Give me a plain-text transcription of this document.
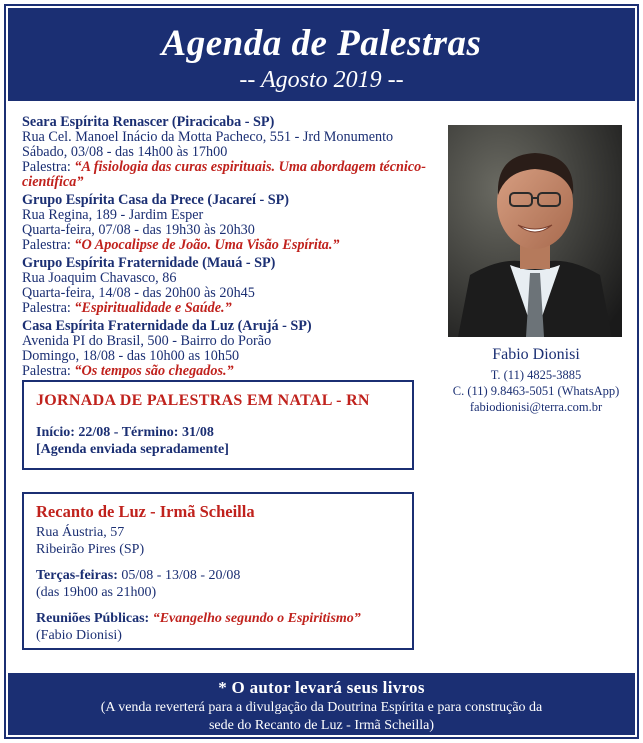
Agenda de Palestras
-- Agosto 2019 --
Seara Espírita Renascer (Piracicaba - SP)
Rua Cel. Manoel Inácio da Motta Pacheco, 551 - Jrd Monumento
Sábado, 03/08 - das 14h00 às 17h00
Palestra: “A fisiologia das curas espirituais. Uma abordagem técnico-científica”
Grupo Espírita Casa da Prece (Jacareí - SP)
Rua Regina, 189 - Jardim Esper
Quarta-feira, 07/08 - das 19h30 às 20h30
Palestra: “O Apocalipse de João. Uma Visão Espírita.”
Grupo Espírita Fraternidade (Mauá - SP)
Rua Joaquim Chavasco, 86
Quarta-feira, 14/08 - das 20h00 às 20h45
Palestra: “Espiritualidade e Saúde.”
Casa Espírita Fraternidade da Luz (Arujá - SP)
Avenida PI do Brasil, 500 - Bairro do Porão
Domingo, 18/08 - das 10h00 as 10h50
Palestra: “Os tempos são chegados.”
Fabio Dionisi
T. (11) 4825-3885
C. (11) 9.8463-5051 (WhatsApp)
fabiodionisi@terra.com.br
JORNADA DE PALESTRAS EM NATAL - RN
Início: 22/08 - Término: 31/08
[Agenda enviada sepradamente]
Recanto de Luz - Irmã Scheilla
Rua Áustria, 57
Ribeirão Pires (SP)
Terças-feiras: 05/08 - 13/08 - 20/08
(das 19h00 as 21h00)
Reuniões Públicas: “Evangelho segundo o Espiritismo”
(Fabio Dionisi)
* O autor levará seus livros
(A venda reverterá para a divulgação da Doutrina Espírita e para construção da
sede do Recanto de Luz - Irmã Scheilla)
